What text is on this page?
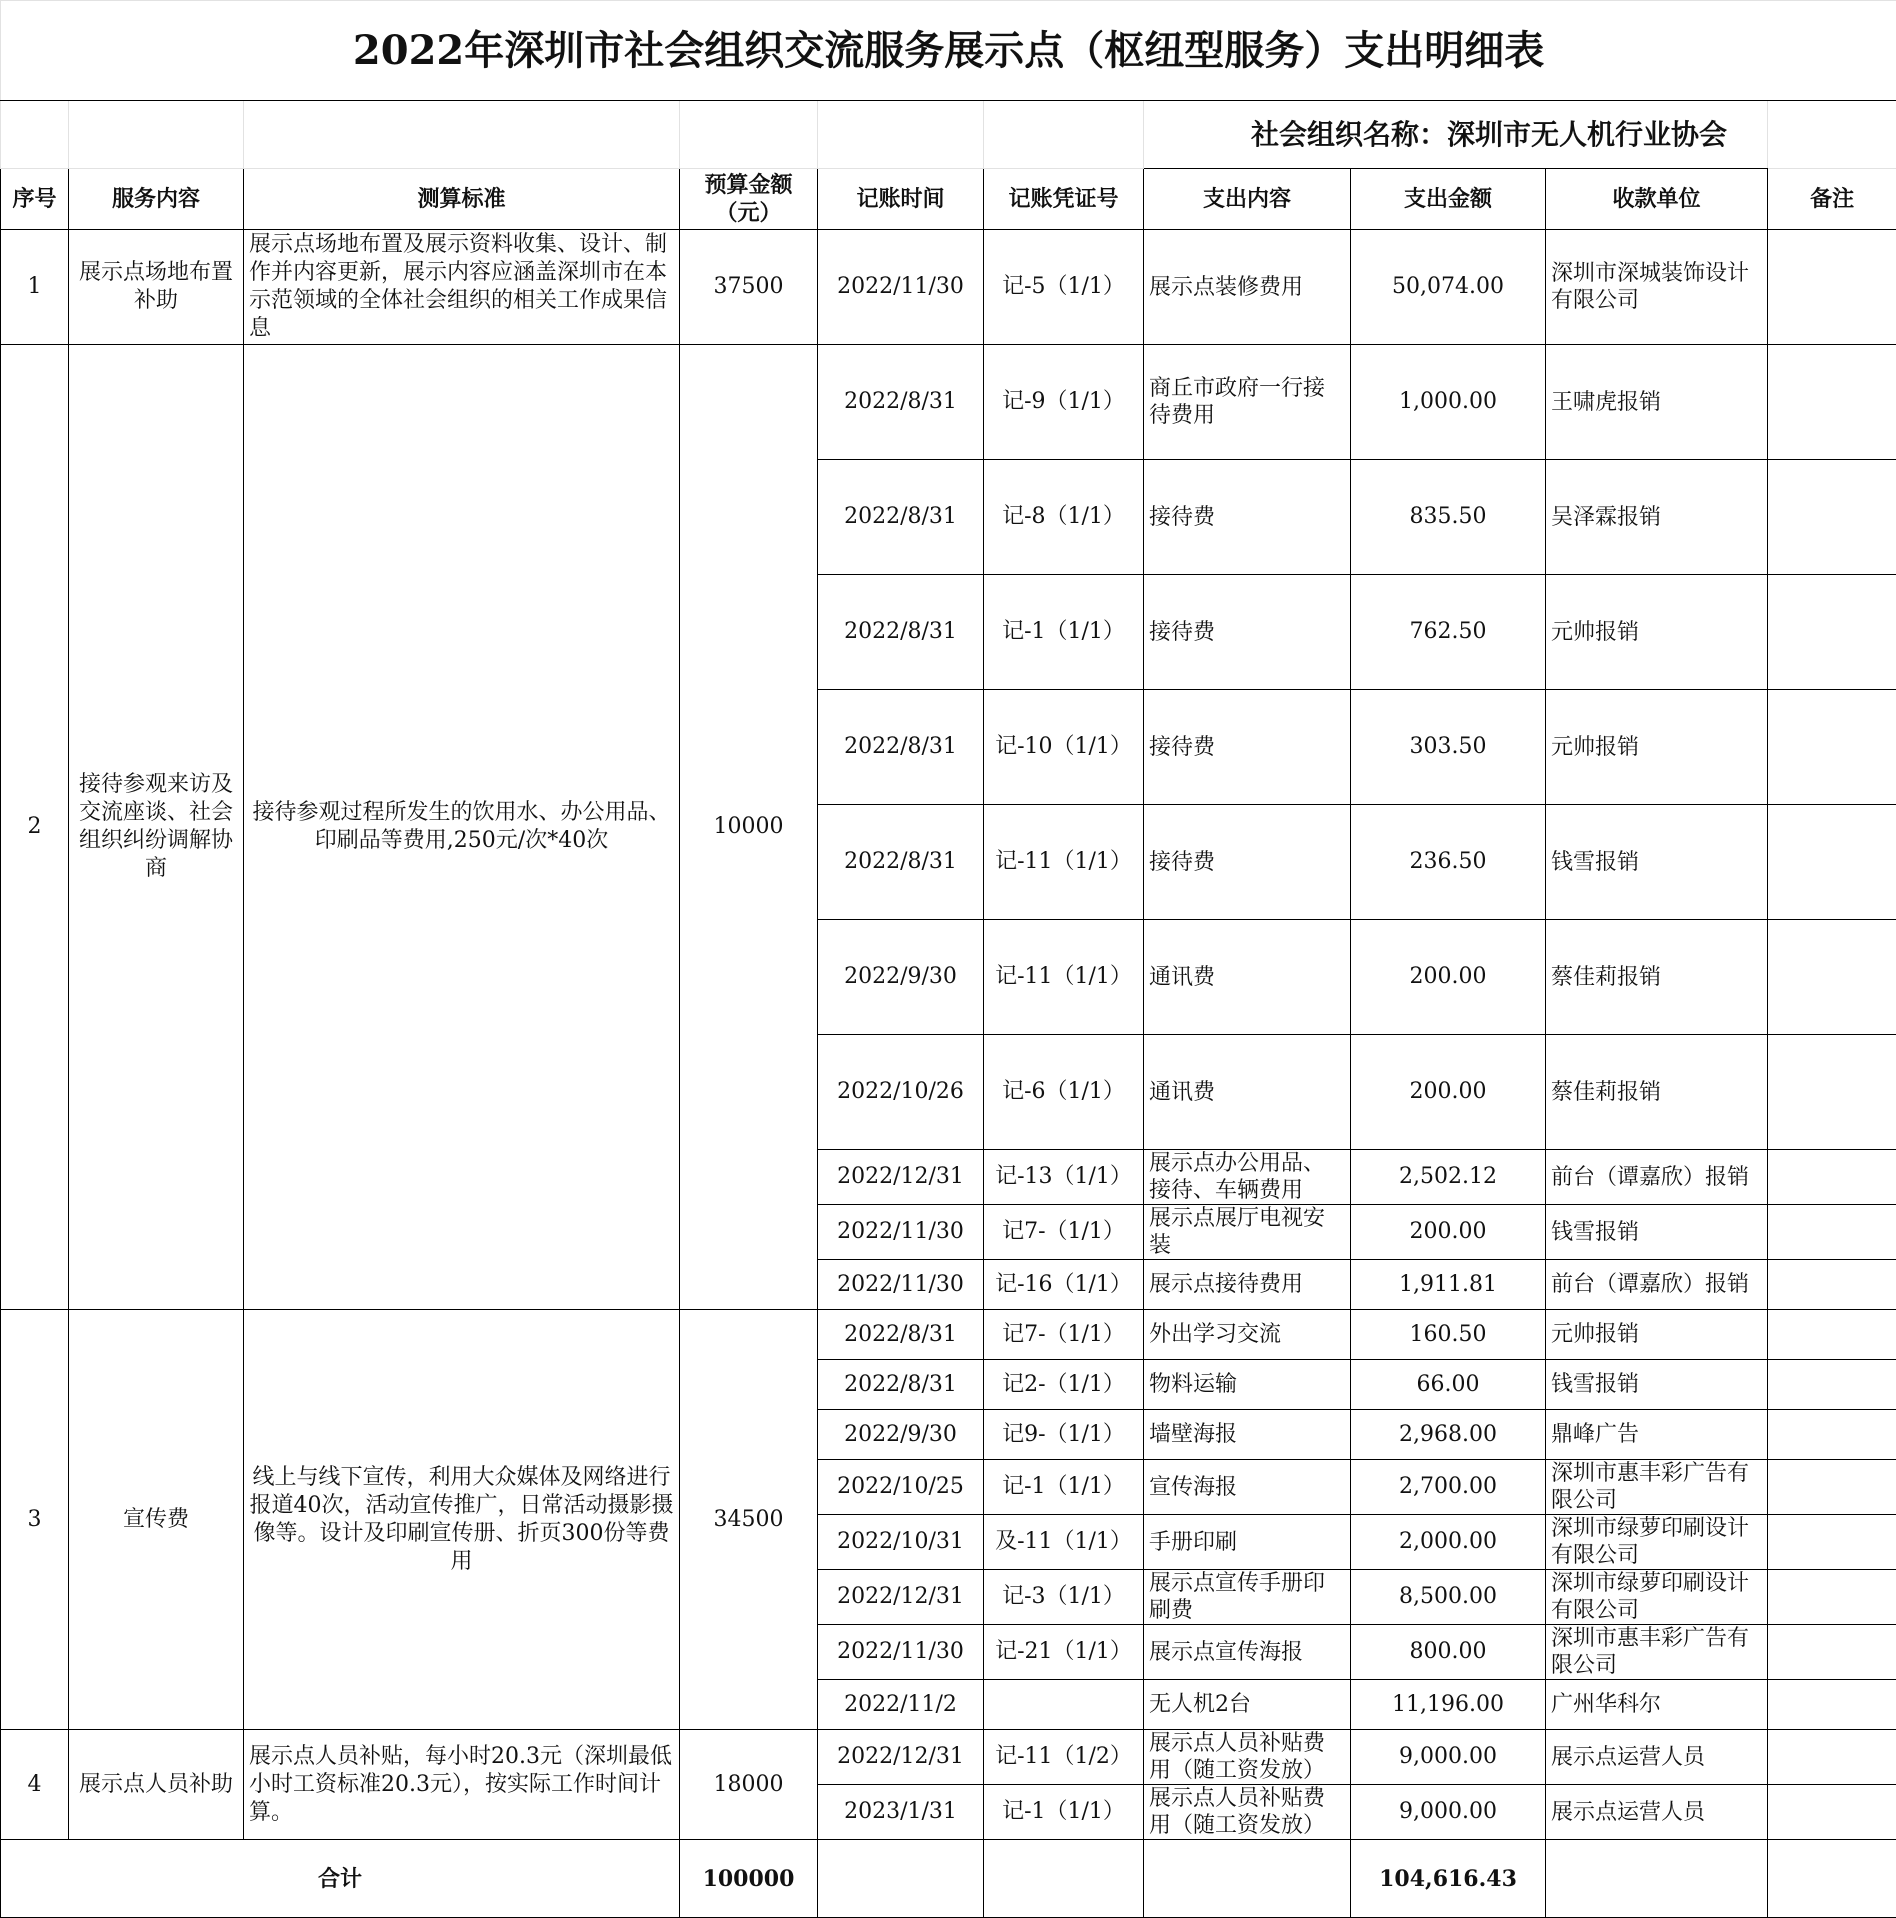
2022年深圳市社会组织交流服务展示点（枢纽型服务）支出明细表									
						社会组织名称：深圳市无人机行业协会			
序号	服务内容	测算标准	预算金额（元）	记账时间	记账凭证号	支出内容	支出金额	收款单位	备注
1	展示点场地布置补助	展示点场地布置及展示资料收集、设计、制作并内容更新，展示内容应涵盖深圳市在本示范领域的全体社会组织的相关工作成果信息	37500	2022/11/30	记-5（1/1）	展示点装修费用	50,074.00	深圳市深城装饰设计有限公司	
2	接待参观来访及交流座谈、社会组织纠纷调解协商	接待参观过程所发生的饮用水、办公用品、印刷品等费用,250元/次*40次	10000	2022/8/31	记-9（1/1）	商丘市政府一行接待费用	1,000.00	王啸虎报销	
				2022/8/31	记-8（1/1）	接待费	835.50	吴泽霖报销	
				2022/8/31	记-1（1/1）	接待费	762.50	元帅报销	
				2022/8/31	记-10（1/1）	接待费	303.50	元帅报销	
				2022/8/31	记-11（1/1）	接待费	236.50	钱雪报销	
				2022/9/30	记-11（1/1）	通讯费	200.00	蔡佳莉报销	
				2022/10/26	记-6（1/1）	通讯费	200.00	蔡佳莉报销	
				2022/12/31	记-13（1/1）	展示点办公用品、接待、车辆费用	2,502.12	前台（谭嘉欣）报销	
				2022/11/30	记7-（1/1）	展示点展厅电视安装	200.00	钱雪报销	
				2022/11/30	记-16（1/1）	展示点接待费用	1,911.81	前台（谭嘉欣）报销	
3	宣传费	线上与线下宣传，利用大众媒体及网络进行报道40次，活动宣传推广，日常活动摄影摄像等。设计及印刷宣传册、折页300份等费用	34500	2022/8/31	记7-（1/1）	外出学习交流	160.50	元帅报销	
				2022/8/31	记2-（1/1）	物料运输	66.00	钱雪报销	
				2022/9/30	记9-（1/1）	墙壁海报	2,968.00	鼎峰广告	
				2022/10/25	记-1（1/1）	宣传海报	2,700.00	深圳市惠丰彩广告有限公司	
				2022/10/31	及-11（1/1）	手册印刷	2,000.00	深圳市绿萝印刷设计有限公司	
				2022/12/31	记-3（1/1）	展示点宣传手册印刷费	8,500.00	深圳市绿萝印刷设计有限公司	
				2022/11/30	记-21（1/1）	展示点宣传海报	800.00	深圳市惠丰彩广告有限公司	
				2022/11/2		无人机2台	11,196.00	广州华科尔	
4	展示点人员补助	展示点人员补贴，每小时20.3元（深圳最低小时工资标准20.3元），按实际工作时间计算。	18000	2022/12/31	记-11（1/2）	展示点人员补贴费用（随工资发放）	9,000.00	展示点运营人员	
				2023/1/31	记-1（1/1）	展示点人员补贴费用（随工资发放）	9,000.00	展示点运营人员	
合计			100000				104,616.43		
